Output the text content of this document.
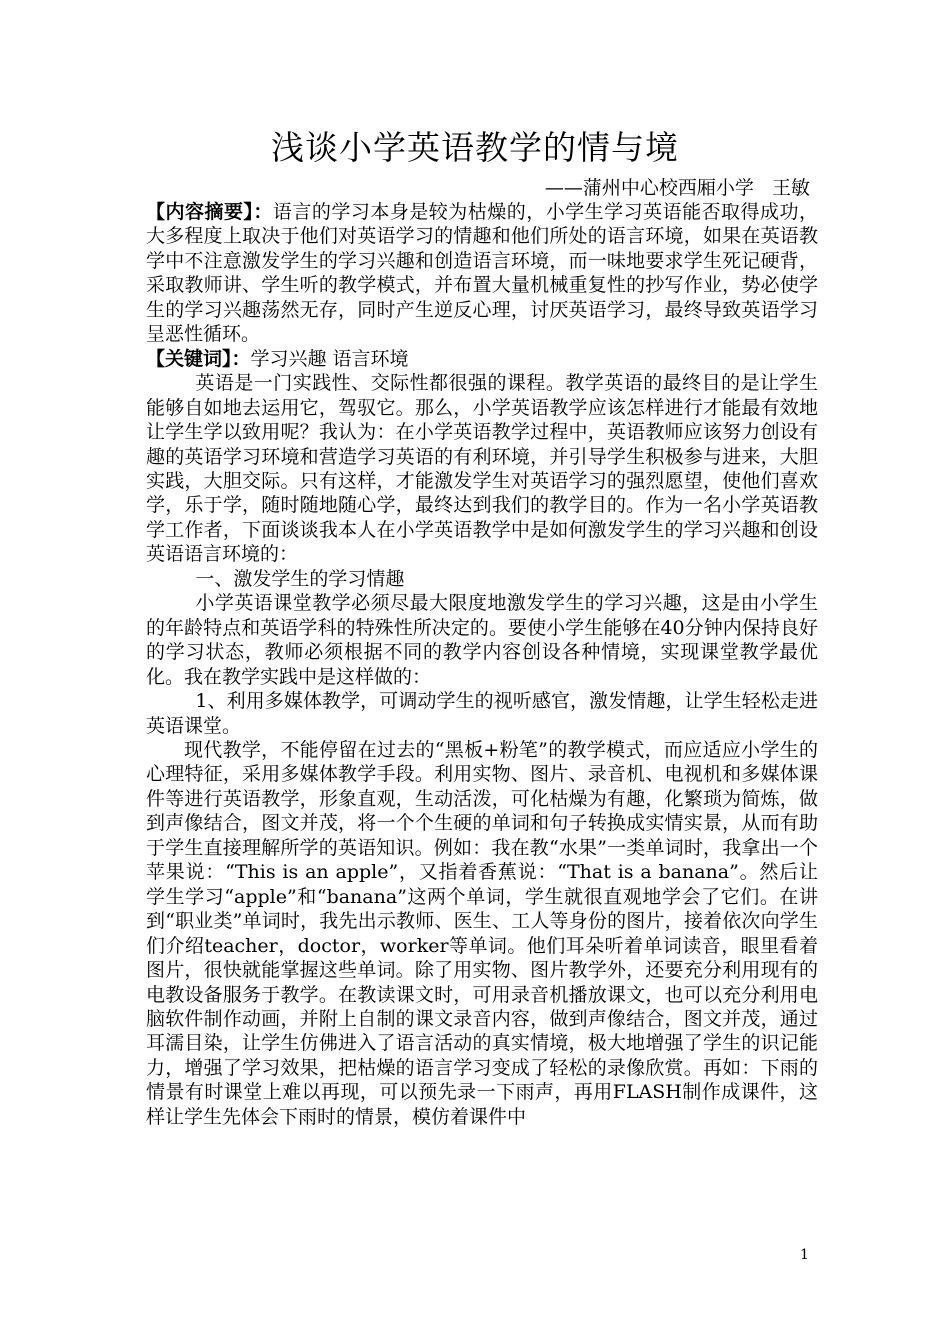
浅谈小学英语教学的情与境
——蒲州中心校西厢小学   王敏

【内容摘要】：语言的学习本身是较为枯燥的，小学生学习英语能否取得成功，大多程度上取决于他们对英语学习的情趣和他们所处的语言环境，如果在英语教学中不注意激发学生的学习兴趣和创造语言环境，而一味地要求学生死记硬背，采取教师讲、学生听的教学模式，并布置大量机械重复性的抄写作业，势必使学生的学习兴趣荡然无存，同时产生逆反心理，讨厌英语学习，最终导致英语学习呈恶性循环。

【关键词】：学习兴趣 语言环境

英语是一门实践性、交际性都很强的课程。教学英语的最终目的是让学生能够自如地去运用它，驾驭它。那么，小学英语教学应该怎样进行才能最有效地让学生学以致用呢？我认为：在小学英语教学过程中，英语教师应该努力创设有趣的英语学习环境和营造学习英语的有利环境，并引导学生积极参与进来，大胆实践，大胆交际。只有这样，才能激发学生对英语学习的强烈愿望，使他们喜欢学，乐于学，随时随地随心学，最终达到我们的教学目的。作为一名小学英语教学工作者，下面谈谈我本人在小学英语教学中是如何激发学生的学习兴趣和创设英语语言环境的：

一、激发学生的学习情趣

小学英语课堂教学必须尽最大限度地激发学生的学习兴趣，这是由小学生的年龄特点和英语学科的特殊性所决定的。要使小学生能够在40分钟内保持良好的学习状态，教师必须根据不同的教学内容创设各种情境，实现课堂教学最优化。我在教学实践中是这样做的：

1、利用多媒体教学，可调动学生的视听感官，激发情趣，让学生轻松走进英语课堂。

现代教学，不能停留在过去的“黑板+粉笔”的教学模式，而应适应小学生的心理特征，采用多媒体教学手段。利用实物、图片、录音机、电视机和多媒体课件等进行英语教学，形象直观，生动活泼，可化枯燥为有趣，化繁琐为简炼，做到声像结合，图文并茂，将一个个生硬的单词和句子转换成实情实景，从而有助于学生直接理解所学的英语知识。例如：我在教“水果”一类单词时，我拿出一个苹果说：“This is an apple”，又指着香蕉说：“That is a banana”。然后让学生学习“apple”和“banana”这两个单词，学生就很直观地学会了它们。在讲到“职业类”单词时，我先出示教师、医生、工人等身份的图片，接着依次向学生们介绍teacher，doctor，worker等单词。他们耳朵听着单词读音，眼里看着图片，很快就能掌握这些单词。除了用实物、图片教学外，还要充分利用现有的电教设备服务于教学。在教读课文时，可用录音机播放课文，也可以充分利用电脑软件制作动画，并附上自制的课文录音内容，做到声像结合，图文并茂，通过耳濡目染，让学生仿佛进入了语言活动的真实情境，极大地增强了学生的识记能力，增强了学习效果，把枯燥的语言学习变成了轻松的录像欣赏。再如：下雨的情景有时课堂上难以再现，可以预先录一下雨声，再用FLASH制作成课件，这样让学生先体会下雨时的情景，模仿着课件中

1
